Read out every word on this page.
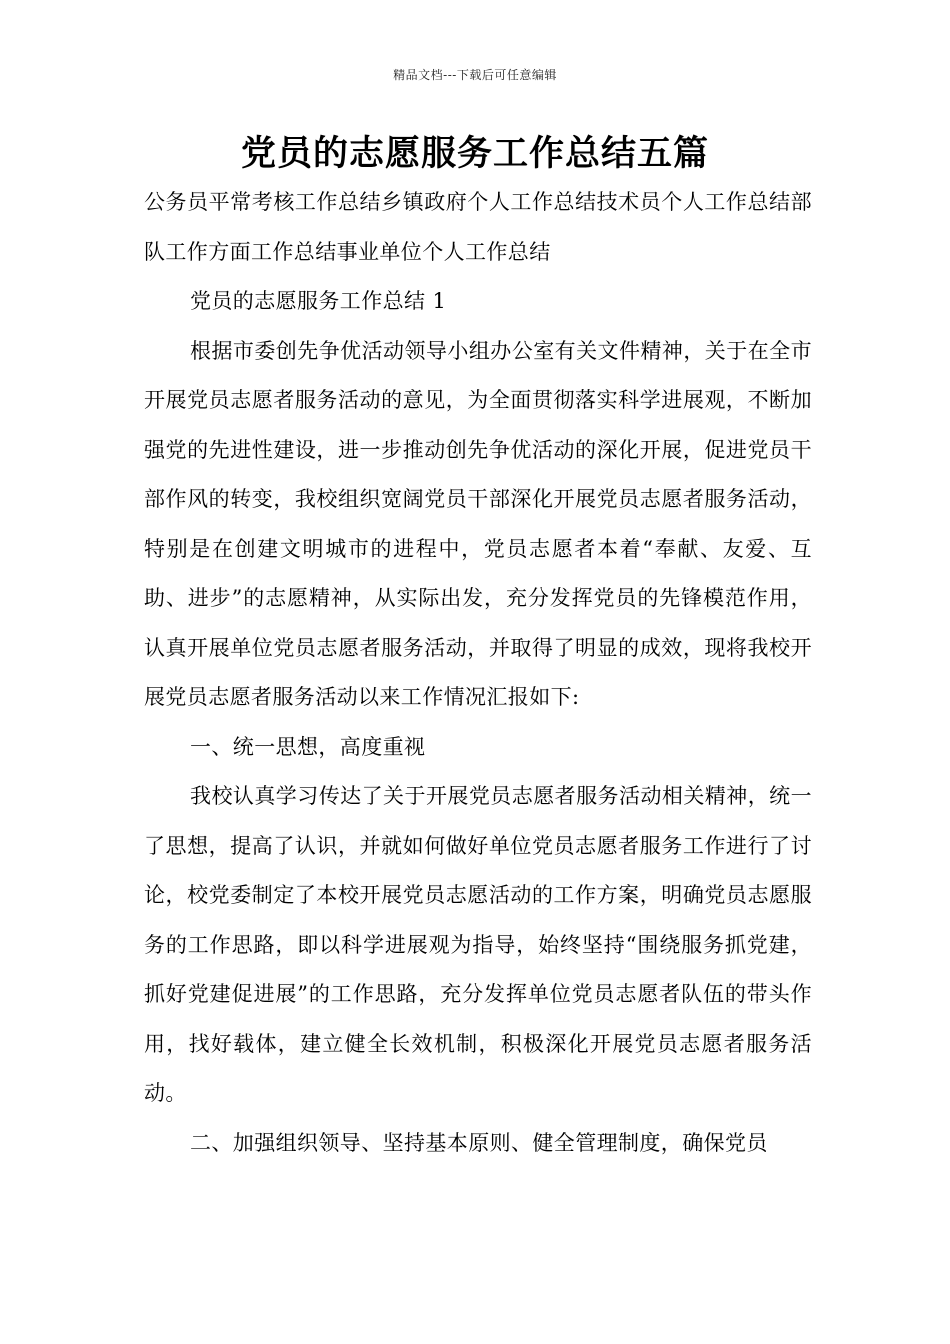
精品文档---下载后可任意编辑
党员的志愿服务工作总结五篇

公务员平常考核工作总结乡镇政府个人工作总结技术员个人工作总结部队工作方面工作总结事业单位个人工作总结

党员的志愿服务工作总结 1

根据市委创先争优活动领导小组办公室有关文件精神，关于在全市开展党员志愿者服务活动的意见，为全面贯彻落实科学进展观，不断加强党的先进性建设，进一步推动创先争优活动的深化开展，促进党员干部作风的转变，我校组织宽阔党员干部深化开展党员志愿者服务活动，特别是在创建文明城市的进程中，党员志愿者本着“奉献、友爱、互助、进步”的志愿精神，从实际出发，充分发挥党员的先锋模范作用，认真开展单位党员志愿者服务活动，并取得了明显的成效，现将我校开展党员志愿者服务活动以来工作情况汇报如下:

一、统一思想，高度重视

我校认真学习传达了关于开展党员志愿者服务活动相关精神，统一了思想，提高了认识，并就如何做好单位党员志愿者服务工作进行了讨论，校党委制定了本校开展党员志愿活动的工作方案，明确党员志愿服务的工作思路，即以科学进展观为指导，始终坚持“围绕服务抓党建，抓好党建促进展”的工作思路，充分发挥单位党员志愿者队伍的带头作用，找好载体，建立健全长效机制，积极深化开展党员志愿者服务活动。

二、加强组织领导、坚持基本原则、健全管理制度，确保党员
